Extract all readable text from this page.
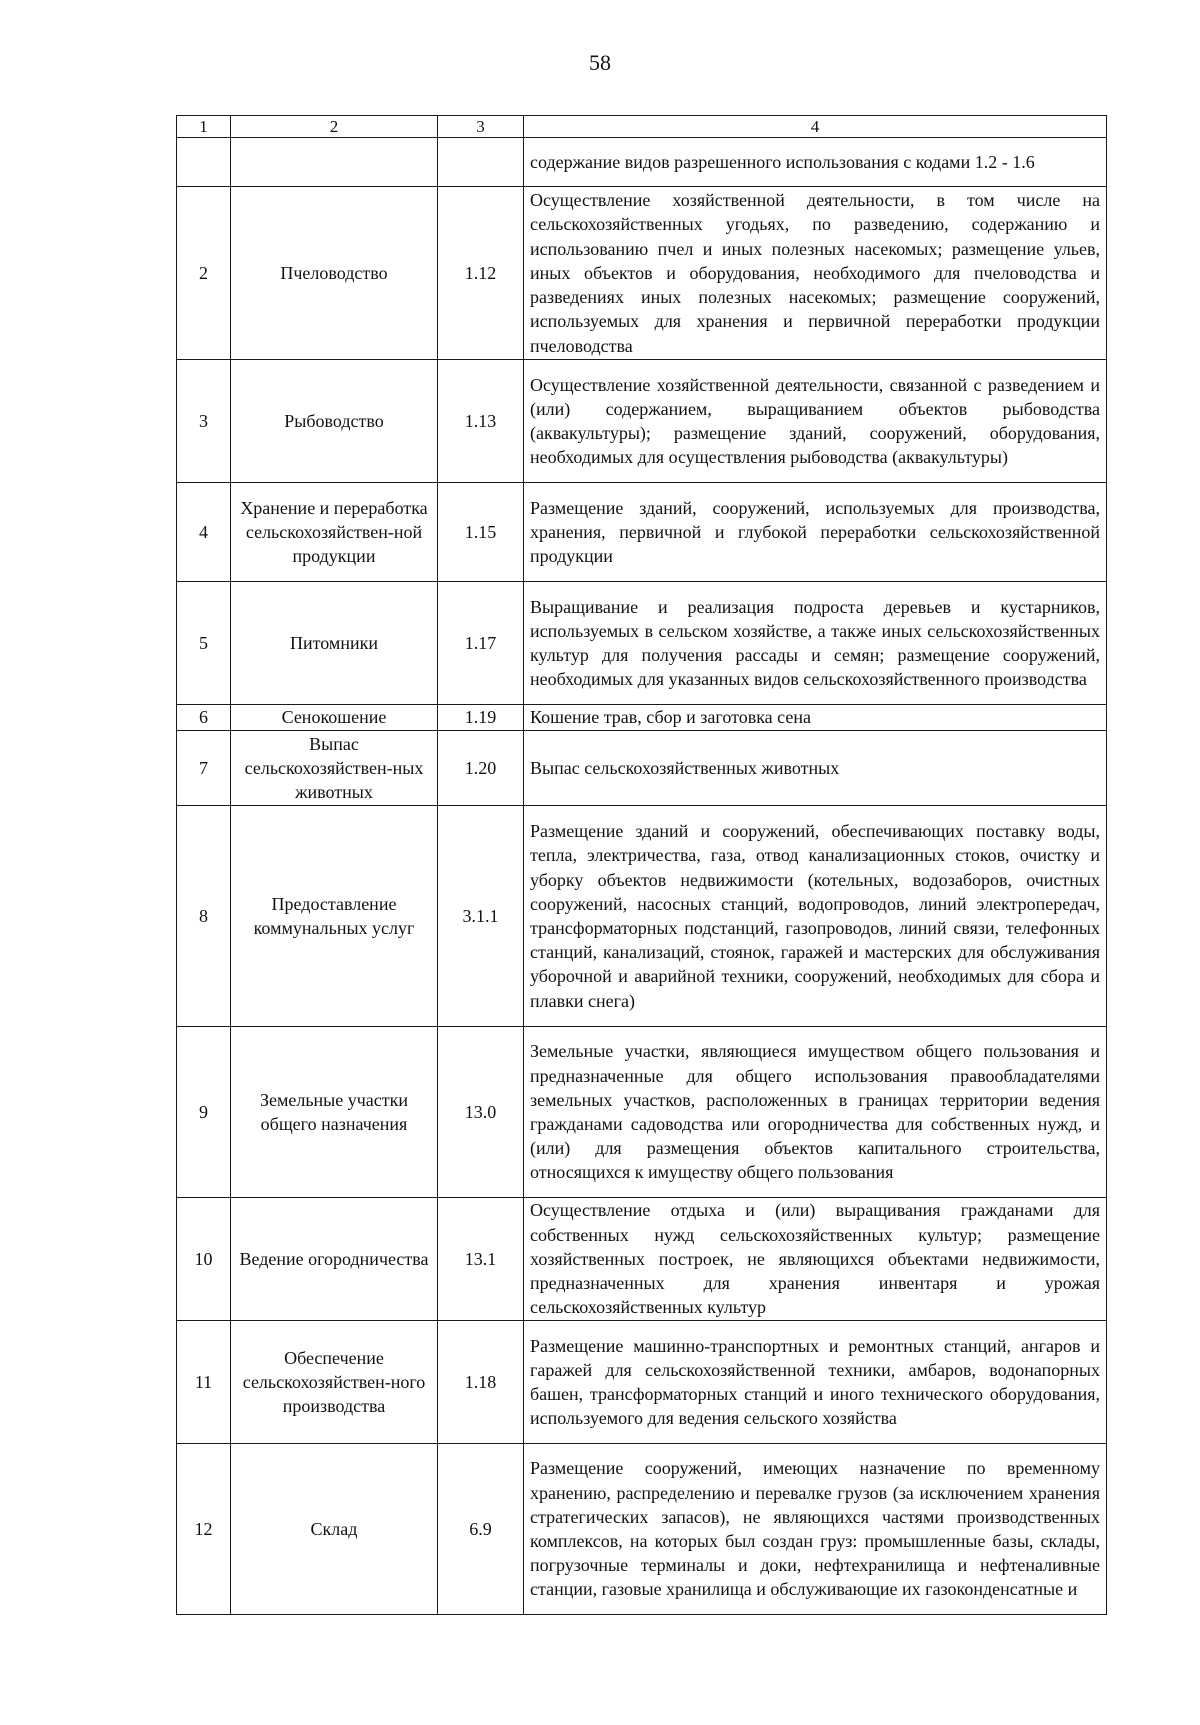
58
1	2	3	4
			содержание видов разрешенного использования с кодами 1.2 - 1.6
2	Пчеловодство	1.12	Осуществление хозяйственной деятельности, в том числе на сельскохозяйственных угодьях, по разведению, содержанию и использованию пчел и иных полезных насекомых; размещение ульев, иных объектов и оборудования, необходимого для пчеловодства и разведениях иных полезных насекомых; размещение сооружений, используемых для хранения и первичной переработки продукции пчеловодства
3	Рыбоводство	1.13	Осуществление хозяйственной деятельности, связанной с разведением и (или) содержанием, выращиванием объектов рыбоводства (аквакультуры); размещение зданий, сооружений, оборудования, необходимых для осуществления рыбоводства (аквакультуры)
4	Хранение и переработка сельскохозяйствен-ной продукции	1.15	Размещение зданий, сооружений, используемых для производства, хранения, первичной и глубокой переработки сельскохозяйственной продукции
5	Питомники	1.17	Выращивание и реализация подроста деревьев и кустарников, используемых в сельском хозяйстве, а также иных сельскохозяйственных культур для получения рассады и семян; размещение сооружений, необходимых для указанных видов сельскохозяйственного производства
6	Сенокошение	1.19	Кошение трав, сбор и заготовка сена
7	Выпас сельскохозяйствен-ных животных	1.20	Выпас сельскохозяйственных животных
8	Предоставление коммунальных услуг	3.1.1	Размещение зданий и сооружений, обеспечивающих поставку воды, тепла, электричества, газа, отвод канализационных стоков, очистку и уборку объектов недвижимости (котельных, водозаборов, очистных сооружений, насосных станций, водопроводов, линий электропередач, трансформаторных подстанций, газопроводов, линий связи, телефонных станций, канализаций, стоянок, гаражей и мастерских для обслуживания уборочной и аварийной техники, сооружений, необходимых для сбора и плавки снега)
9	Земельные участки общего назначения	13.0	Земельные участки, являющиеся имуществом общего пользования и предназначенные для общего использования правообладателями земельных участков, расположенных в границах территории ведения гражданами садоводства или огородничества для собственных нужд, и (или) для размещения объектов капитального строительства, относящихся к имуществу общего пользования
10	Ведение огородничества	13.1	Осуществление отдыха и (или) выращивания гражданами для собственных нужд сельскохозяйственных культур; размещение хозяйственных построек, не являющихся объектами недвижимости, предназначенных для хранения инвентаря и урожая сельскохозяйственных культур
11	Обеспечение сельскохозяйствен-ного производства	1.18	Размещение машинно-транспортных и ремонтных станций, ангаров и гаражей для сельскохозяйственной техники, амбаров, водонапорных башен, трансформаторных станций и иного технического оборудования, используемого для ведения сельского хозяйства
12	Склад	6.9	Размещение сооружений, имеющих назначение по временному хранению, распределению и перевалке грузов (за исключением хранения стратегических запасов), не являющихся частями производственных комплексов, на которых был создан груз: промышленные базы, склады, погрузочные терминалы и доки, нефтехранилища и нефтеналивные станции, газовые хранилища и обслуживающие их газоконденсатные и
